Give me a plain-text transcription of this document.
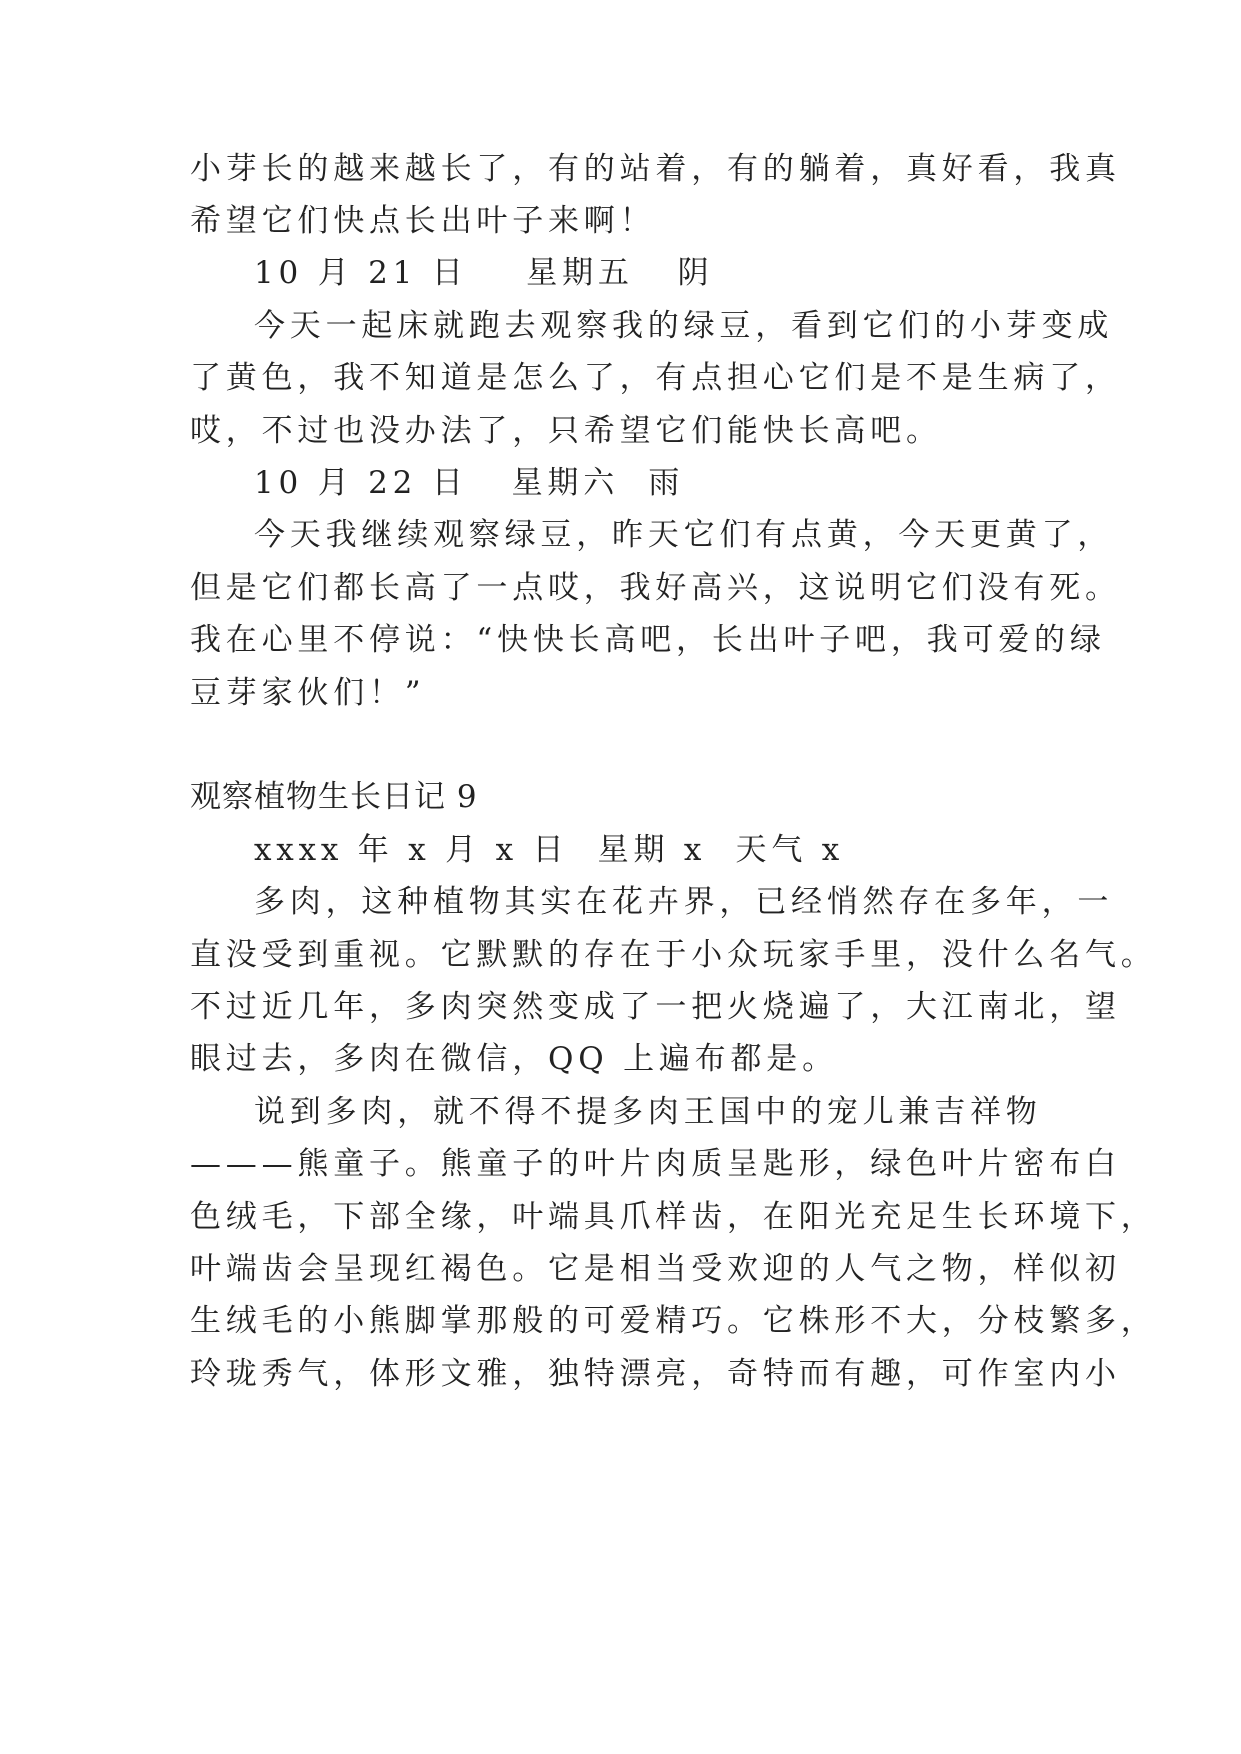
小芽长的越来越长了，有的站着，有的躺着，真好看，我真
希望它们快点长出叶子来啊！
10 月 21 日    星期五   阴
今天一起床就跑去观察我的绿豆，看到它们的小芽变成
了黄色，我不知道是怎么了，有点担心它们是不是生病了，
哎，不过也没办法了，只希望它们能快长高吧。
10 月 22 日   星期六  雨
今天我继续观察绿豆，昨天它们有点黄，今天更黄了，
但是它们都长高了一点哎，我好高兴，这说明它们没有死。
我在心里不停说：“快快长高吧，长出叶子吧，我可爱的绿
豆芽家伙们！”
观察植物生长日记 9
xxxx 年 x 月 x 日  星期 x  天气 x
多肉，这种植物其实在花卉界，已经悄然存在多年，一
直没受到重视。它默默的存在于小众玩家手里，没什么名气。
不过近几年，多肉突然变成了一把火烧遍了，大江南北，望
眼过去，多肉在微信，QQ 上遍布都是。
说到多肉，就不得不提多肉王国中的宠儿兼吉祥物
———熊童子。熊童子的叶片肉质呈匙形，绿色叶片密布白
色绒毛，下部全缘，叶端具爪样齿，在阳光充足生长环境下，
叶端齿会呈现红褐色。它是相当受欢迎的人气之物，样似初
生绒毛的小熊脚掌那般的可爱精巧。它株形不大，分枝繁多，
玲珑秀气，体形文雅，独特漂亮，奇特而有趣，可作室内小
